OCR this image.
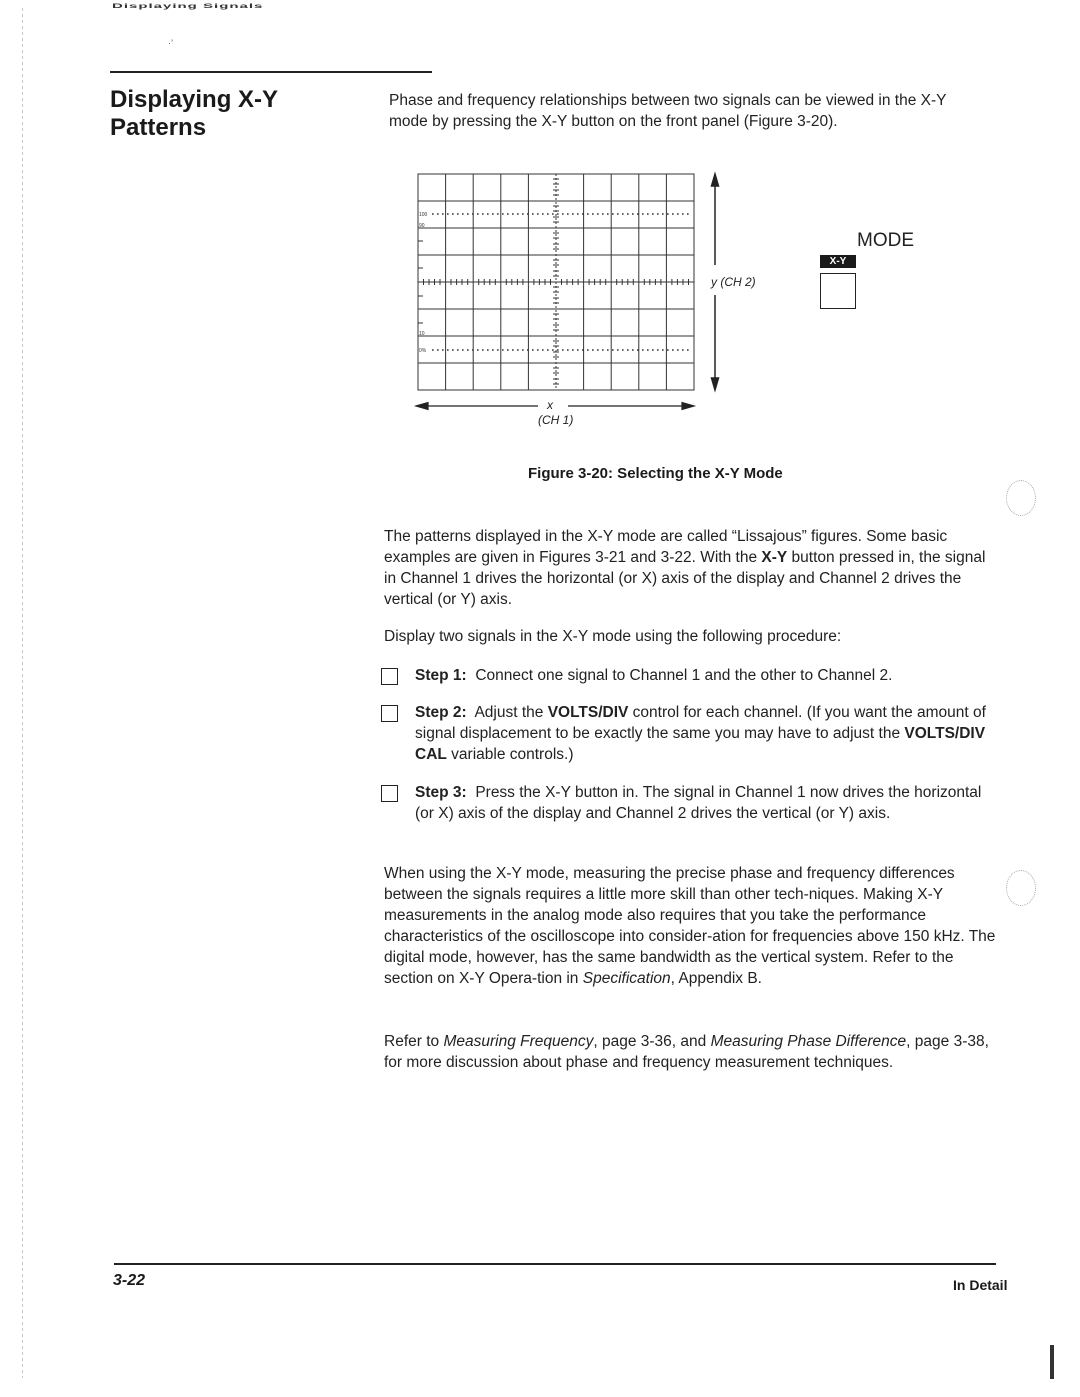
Displaying Signals
·’
Displaying X-Y
Patterns

Phase and frequency relationships between two signals can be viewed in the X-Y mode by pressing the X-Y button on the front panel (Figure 3-20).

100
90
10
0%
y (CH 2)
x
(CH 1)
MODE
X-Y
Figure 3-20: Selecting the X-Y Mode

The patterns displayed in the X-Y mode are called “Lissajous” figures. Some basic examples are given in Figures 3-21 and 3-22. With the X-Y button pressed in, the signal in Channel 1 drives the horizontal (or X) axis of the display and Channel 2 drives the vertical (or Y) axis.

Display two signals in the X-Y mode using the following procedure:

Step 1: Connect one signal to Channel 1 and the other to Channel 2.
Step 2: Adjust the VOLTS/DIV control for each channel. (If you want the amount of signal displacement to be exactly the same you may have to adjust the VOLTS/DIV CAL variable controls.)
Step 3: Press the X-Y button in. The signal in Channel 1 now drives the horizontal (or X) axis of the display and Channel 2 drives the vertical (or Y) axis.

When using the X-Y mode, measuring the precise phase and frequency differences between the signals requires a little more skill than other tech-niques. Making X-Y measurements in the analog mode also requires that you take the performance characteristics of the oscilloscope into consider-ation for frequencies above 150 kHz. The digital mode, however, has the same bandwidth as the vertical system. Refer to the section on X-Y Opera-tion in Specification, Appendix B.

Refer to Measuring Frequency, page 3-36, and Measuring Phase Difference, page 3-38, for more discussion about phase and frequency measurement techniques.

3-22	In Detail
